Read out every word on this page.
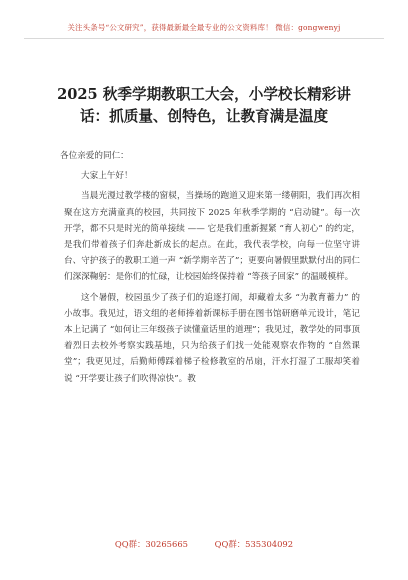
关注头条号“公文研究”，获得最新最全最专业的公文资料库！ 微信：gongwenyj
2025 秋季学期教职工大会，小学校长精彩讲
话：抓质量、创特色，让教育满是温度
各位亲爱的同仁：

大家上午好！

当晨光漫过教学楼的窗棂，当操场的跑道又迎来第一缕朝阳，我们再次相聚在这方充满童真的校园，共同按下 2025 年秋季学期的 “启动键”。每一次开学，都不只是时光的简单接续 —— 它是我们重新握紧 “育人初心” 的约定，是我们带着孩子们奔赴新成长的起点。在此，我代表学校，向每一位坚守讲台、守护孩子的教职工道一声 “新学期辛苦了”；更要向暑假里默默付出的同仁们深深鞠躬：是你们的忙碌，让校园始终保持着 “等孩子回家” 的温暖模样。

这个暑假，校园虽少了孩子们的追逐打闹，却藏着太多 “为教育蓄力” 的小故事。我见过，语文组的老师捧着新课标手册在图书馆研磨单元设计，笔记本上记满了 “如何让三年级孩子读懂童话里的道理”；我见过，教学处的同事顶着烈日去校外考察实践基地，只为给孩子们找一处能观察农作物的 “自然课堂”；我更见过，后勤师傅踩着梯子检修教室的吊扇，汗水打湿了工服却笑着说 “开学要让孩子们吹得凉快”。教

QQ群：30265665	QQ群：535304092
